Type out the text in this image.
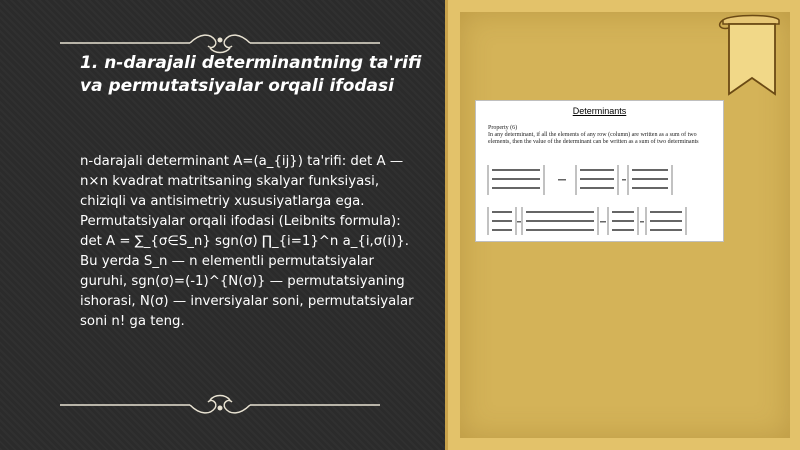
1. n-darajali determinantning ta'rifi va permutatsiyalar orqali ifodasi
n-darajali determinant A=(a_{ij}) ta'rifi: det A — n×n kvadrat matritsaning skalyar funksiyasi, chiziqli va antisimetriy xususiyatlarga ega. Permutatsiyalar orqali ifodasi (Leibnits formula): det A = ∑_{σ∈S_n} sgn(σ) ∏_{i=1}^n a_{i,σ(i)}. Bu yerda S_n — n elementli permutatsiyalar guruhi, sgn(σ)=(-1)^{N(σ)} — permutatsiyaning ishorasi, N(σ) — inversiyalar soni, permutatsiyalar soni n! ga teng.
Determinants
Property (6)
In any determinant, if all the elements of any row (column) are written as a sum of two elements, then the value of the determinant can be written as a sum of two determinants
